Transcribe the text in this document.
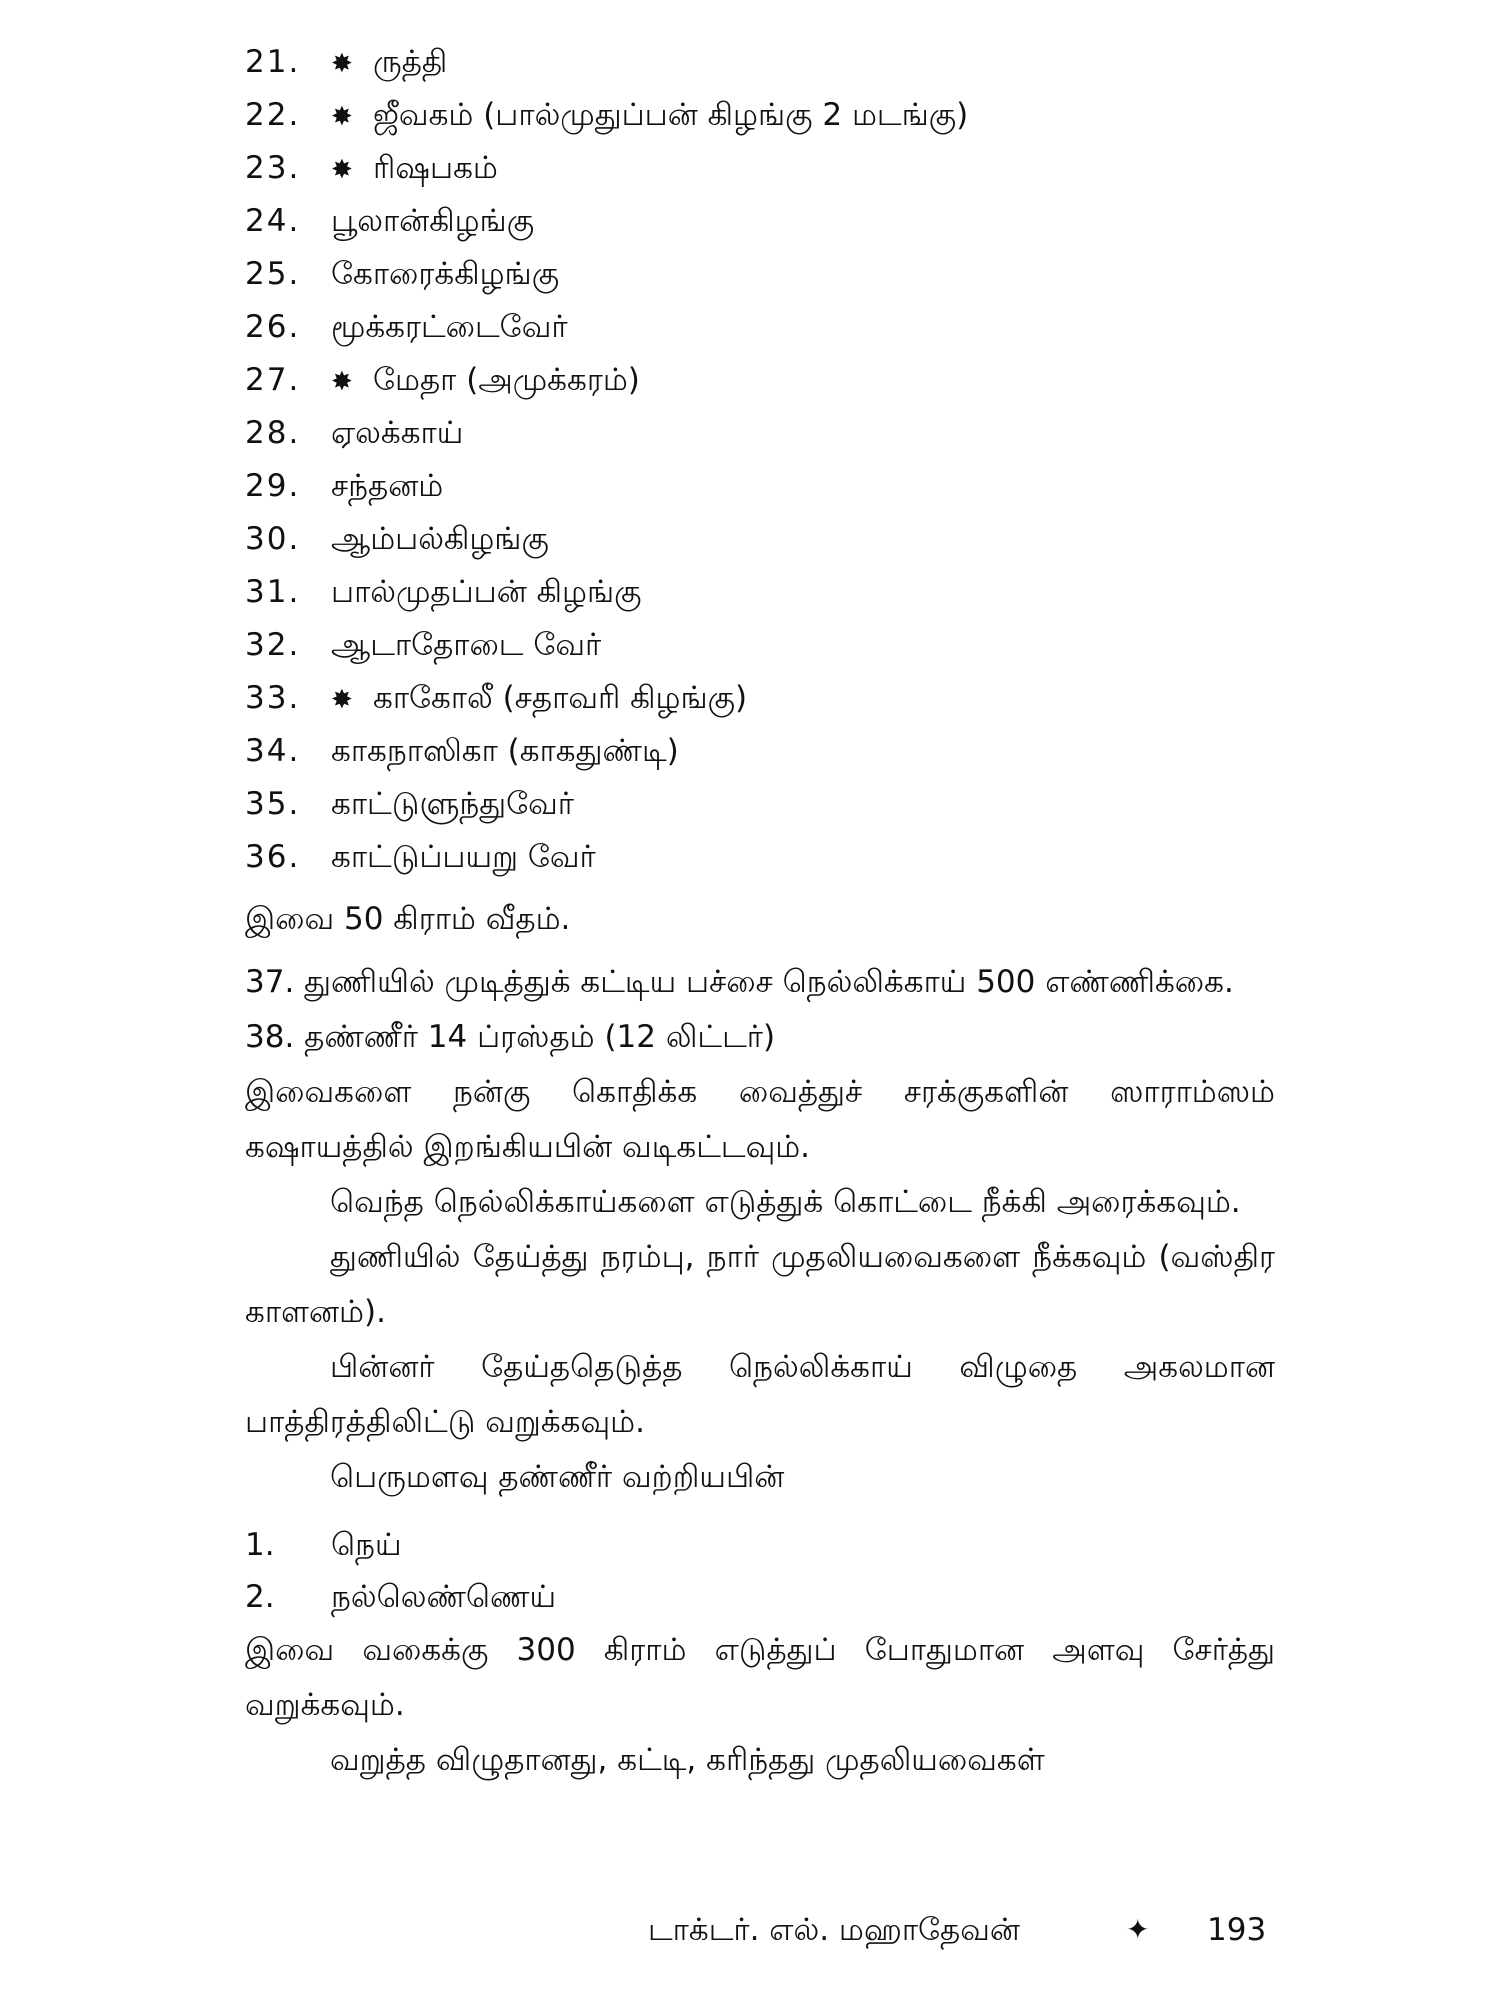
21. ✸ ருத்தி
22. ✸ ஜீவகம் (பால்முதுப்பன் கிழங்கு 2 மடங்கு)
23. ✸ ரிஷபகம்
24. பூலான்கிழங்கு
25. கோரைக்கிழங்கு
26. மூக்கரட்டைவேர்
27. ✸ மேதா (அமுக்கரம்)
28. ஏலக்காய்
29. சந்தனம்
30. ஆம்பல்கிழங்கு
31. பால்முதப்பன் கிழங்கு
32. ஆடாதோடை வேர்
33. ✸ காகோலீ (சதாவரி கிழங்கு)
34. காகநாஸிகா (காகதுண்டி)
35. காட்டுளுந்துவேர்
36. காட்டுப்பயறு வேர்

இவை 50 கிராம் வீதம்.

37. துணியில் முடித்துக் கட்டிய பச்சை நெல்லிக்காய் 500 எண்ணிக்கை.

38. தண்ணீர் 14 ப்ரஸ்தம் (12 லிட்டர்)

இவைகளை நன்கு கொதிக்க வைத்துச் சரக்குகளின் ஸாராம்ஸம் கஷாயத்தில் இறங்கியபின் வடிகட்டவும்.

வெந்த நெல்லிக்காய்களை எடுத்துக் கொட்டை நீக்கி அரைக்கவும்.

துணியில் தேய்த்து நரம்பு, நார் முதலியவைகளை நீக்கவும் (வஸ்திர காளனம்).

பின்னர் தேய்ததெடுத்த நெல்லிக்காய் விழுதை அகலமான பாத்திரத்திலிட்டு வறுக்கவும்.

பெருமளவு தண்ணீர் வற்றியபின்

1. நெய்
2. நல்லெண்ணெய்

இவை வகைக்கு 300 கிராம் எடுத்துப் போதுமான அளவு சேர்த்து வறுக்கவும்.

வறுத்த விழுதானது, கட்டி, கரிந்தது முதலியவைகள்

டாக்டர். எல். மஹாதேவன்	✦ 193
